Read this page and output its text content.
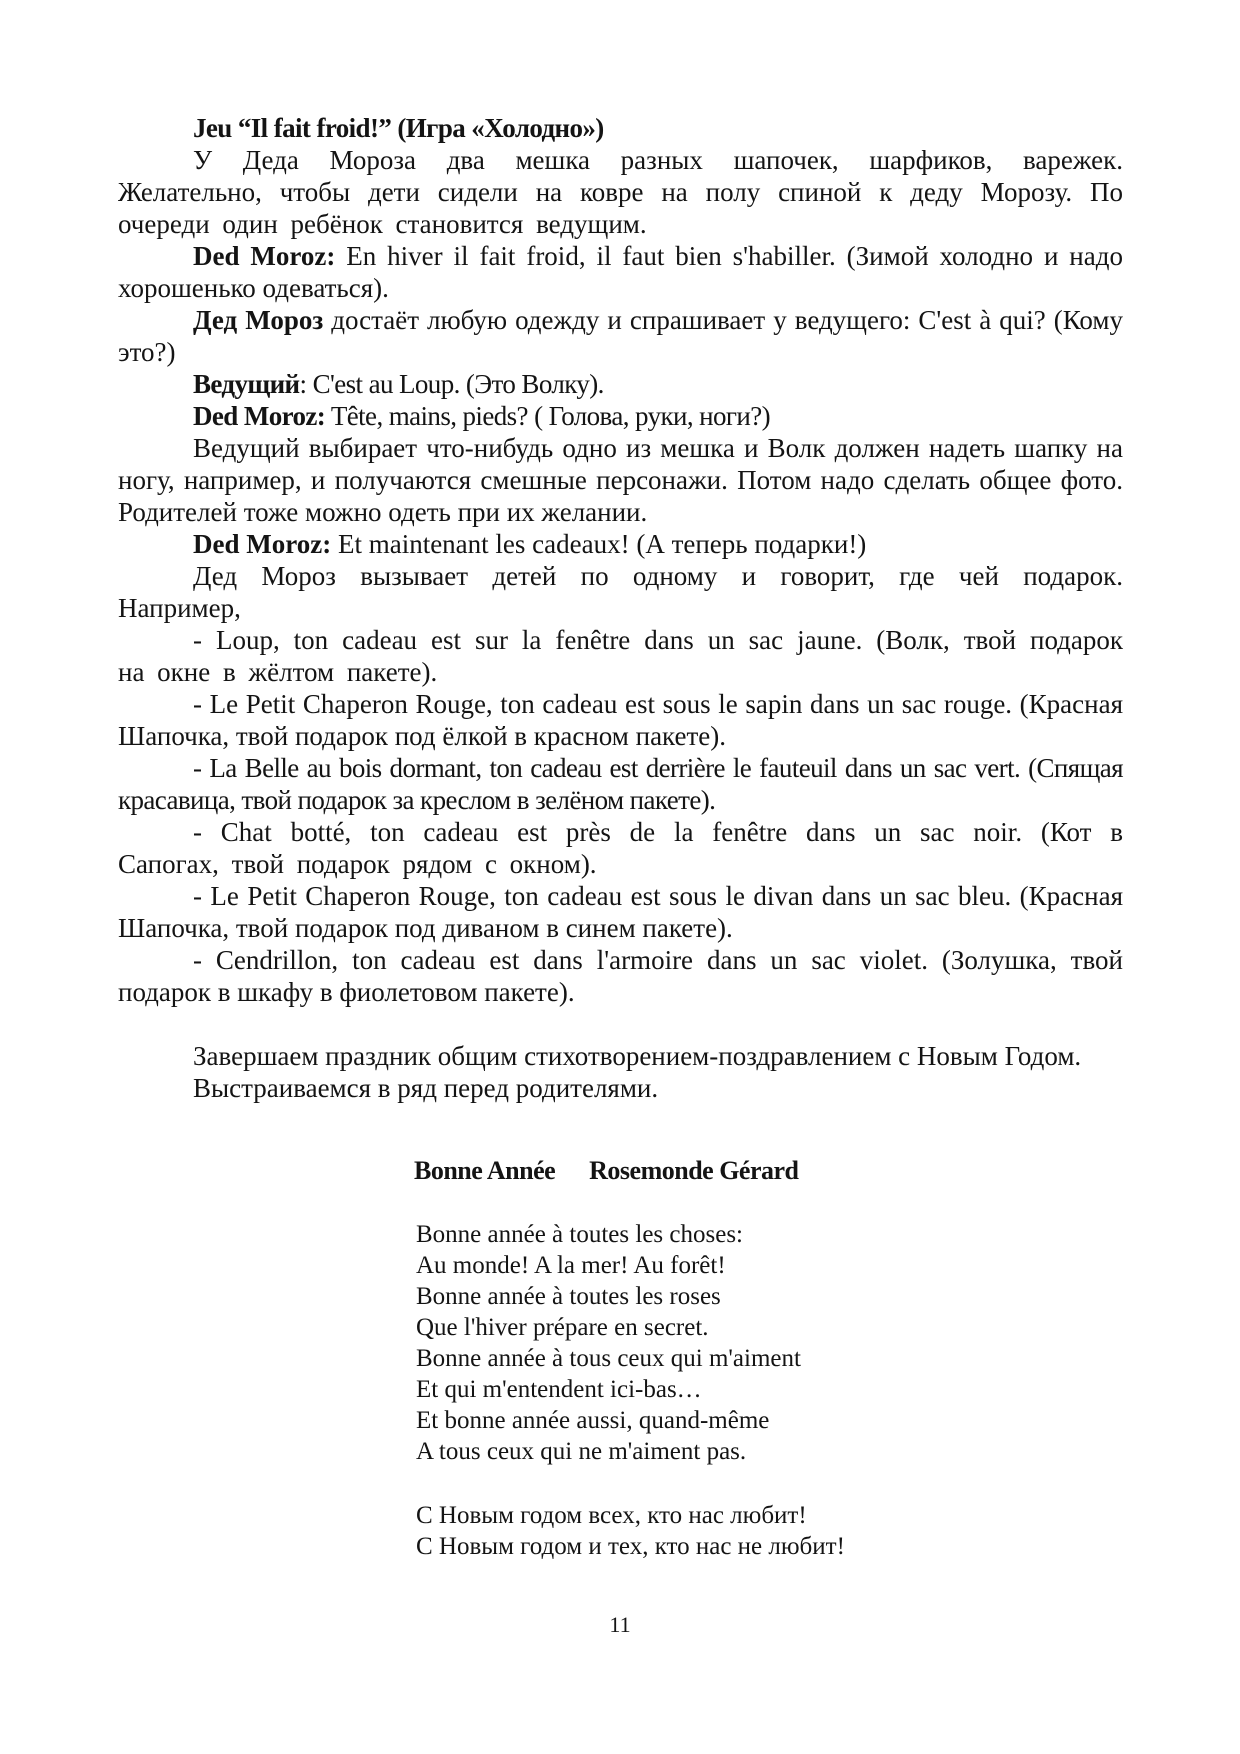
Jeu “Il fait froid!” (Игра «Холодно»)

У Деда Мороза два мешка разных шапочек, шарфиков, варежек. Желательно, чтобы дети сидели на ковре на полу спиной к деду Морозу. По очереди один ребёнок становится ведущим.

Ded Moroz: En hiver il fait froid, il faut bien s'habiller. (Зимой холодно и надо хорошенько одеваться).

Дед Мороз достаёт любую одежду и спрашивает у ведущего: C'est à qui? (Кому это?)

Ведущий: C'est au Loup. (Это Волку).

Ded Moroz: Tête, mains, pieds? ( Голова, руки, ноги?)

Ведущий выбирает что-нибудь одно из мешка и Волк должен надеть шапку на ногу, например, и получаются смешные персонажи. Потом надо сделать общее фото. Родителей тоже можно одеть при их желании.

Ded Moroz: Et maintenant les cadeaux! (А теперь подарки!)

Дед Мороз вызывает детей по одному и говорит, где чей подарок. Например,

- Loup, ton cadeau est sur la fenêtre dans un sac jaune. (Волк, твой подарок на окне в жёлтом пакете).

- Le Petit Chaperon Rouge, ton cadeau est sous le sapin dans un sac rouge. (Красная Шапочка, твой подарок под ёлкой в красном пакете).

- La Belle au bois dormant, ton cadeau est derrière le fauteuil dans un sac vert. (Спящая красавица, твой подарок за креслом в зелёном пакете).

- Chat botté, ton cadeau est près de la fenêtre dans un sac noir. (Кот в Сапогах, твой подарок рядом с окном).

- Le Petit Chaperon Rouge, ton cadeau est sous le divan dans un sac bleu. (Красная Шапочка, твой подарок под диваном в синем пакете).

- Cendrillon, ton cadeau est dans l'armoire dans un sac violet. (Золушка, твой подарок в шкафу в фиолетовом пакете).

Завершаем праздник общим стихотворением-поздравлением с Новым Годом.

Выстраиваемся в ряд перед родителями.

Bonne Année Rosemonde Gérard

Bonne année à toutes les choses:

Au monde! A la mer! Au forêt!

Bonne année à toutes les roses

Que l'hiver prépare en secret.

Bonne année à tous ceux qui m'aiment

Et qui m'entendent ici-bas…

Et bonne année aussi, quand-même

A tous ceux qui ne m'aiment pas.

С Новым годом всех, кто нас любит!

С Новым годом и тех, кто нас не любит!

11
